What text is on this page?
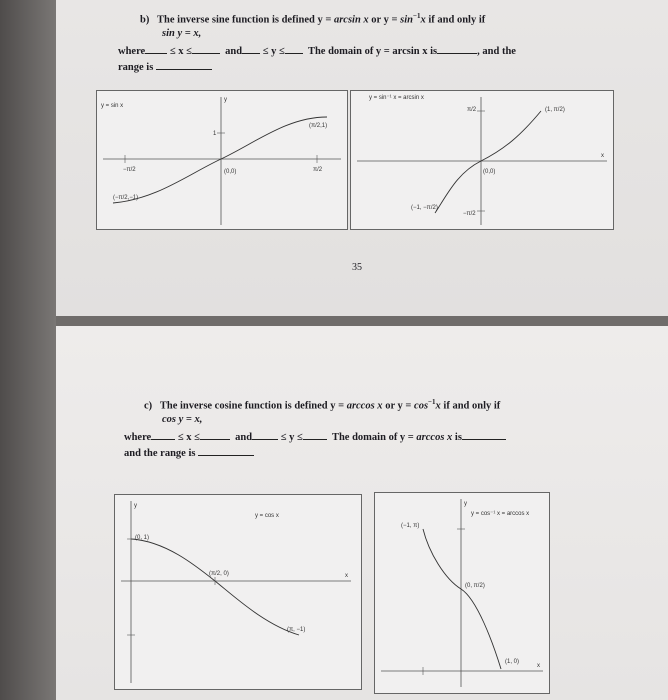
b) The inverse sine function is defined y = arcsin x or $y = \sin^{-1}x$ if and only if
sin y = x,
where ≤ x ≤	and ≤ y ≤ The domain of y = arcsin x is	, and the
range is
y = sin x
y
(0,0)
(π/2,1)
(−π/2,−1)
1
−π/2	π/2
y = sin⁻¹ x = arcsin x
(0,0)
(1, π/2)
(−1, −π/2)
π/2
−π/2
x
35
c) The inverse cosine function is defined y = arccos x or $y = \cos^{-1}x$ if and only if
cos y = x,
where	≤ x ≤	and	≤ y ≤	The domain of y = arccos x is
and the range is
y = cos x
(0, 1)
(π/2, 0)
(π, −1)
x
y
y = cos⁻¹ x = arccos x
(−1, π)
(0, π/2)
(1, 0)
x
y
